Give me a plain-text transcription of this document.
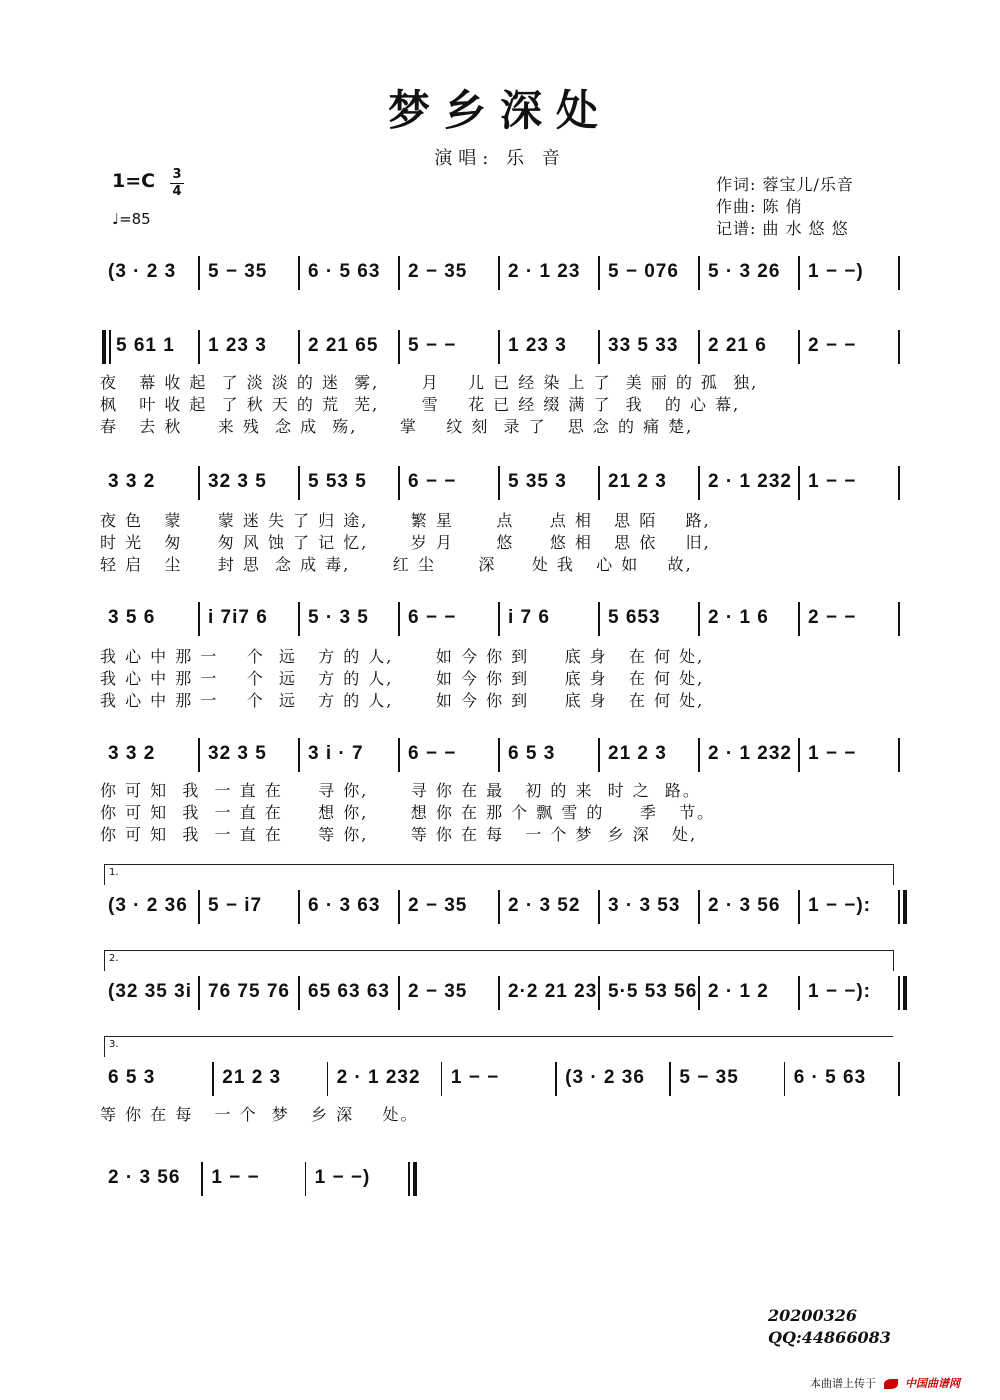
梦乡深处
演唱: 乐 音
1=C 3
4
♩=85
作词: 蓉宝儿/乐音
作曲: 陈 俏
记谱: 曲 水 悠 悠
(3 · 2 3 5 − 35 6 · 5 63 2 − 35 2 · 1 23 5 − 076 5 · 3 26 1 − −)
5 61 1 1 23 3 2 21 65 5 − −	1 23 3 33 5 33 2 21 6 2 − −
夜   幕 收 起  了 淡 淡 的 迷  雾,      月    儿 已 经 染 上 了  美 丽 的 孤  独,
枫   叶 收 起  了 秋 天 的 荒  芜,      雪    花 已 经 缀 满 了  我   的 心 幕,
春   去 秋     来 残  念 成  殇,      掌    纹 刻  录 了   思 念 的 痛 楚,
3 3 2	32 3 5 5 53 5 6 − −	5 35 3 21 2 3 2 · 1 232 1 − −
夜 色   蒙     蒙 迷 失 了 归 途,      繁 星      点     点 相   思 陌    路,
时 光   匆     匆 风 蚀 了 记 忆,      岁 月      悠     悠 相   思 依    旧,
轻 启   尘     封 思  念 成 毒,      红 尘      深     处 我   心 如    故,
3 5 6	i 7i7 6 5 · 3 5 6 − −	i 7 6	5 653 2 · 1 6 2 − −
我 心 中 那 一    个  远   方 的 人,      如 今 你 到     底 身   在 何 处,
我 心 中 那 一    个  远   方 的 人,      如 今 你 到     底 身   在 何 处,
我 心 中 那 一    个  远   方 的 人,      如 今 你 到     底 身   在 何 处,
3 3 2	32 3 5 3 i · 7 6 − −	6 5 3	21 2 3 2 · 1 232 1 − −
你 可 知  我  一 直 在     寻 你,      寻 你 在 最   初 的 来  时 之  路。
你 可 知  我  一 直 在     想 你,      想 你 在 那 个 飘 雪 的     季   节。
你 可 知  我  一 直 在     等 你,      等 你 在 每   一 个 梦  乡 深   处,
1.
(3 · 2 36 5 − i7 6 · 3 63 2 − 35 2 · 3 52 3 · 3 53 2 · 3 56 1 − −):
2.
(32 35 3i 76 75 76 65 63 63 2 − 35 2·2 21 23 5·5 53 56 2 · 1 2 1 − −):
3.
6 5 3	21 2 3	2 · 1 232 1 − −	(3 · 2 36 5 − 35	6 · 5 63
等 你 在 每   一 个  梦   乡 深    处。
2 · 3 56 1 − −	1 − −)
20200326
QQ:44866083
本曲谱上传于	中国曲谱网
